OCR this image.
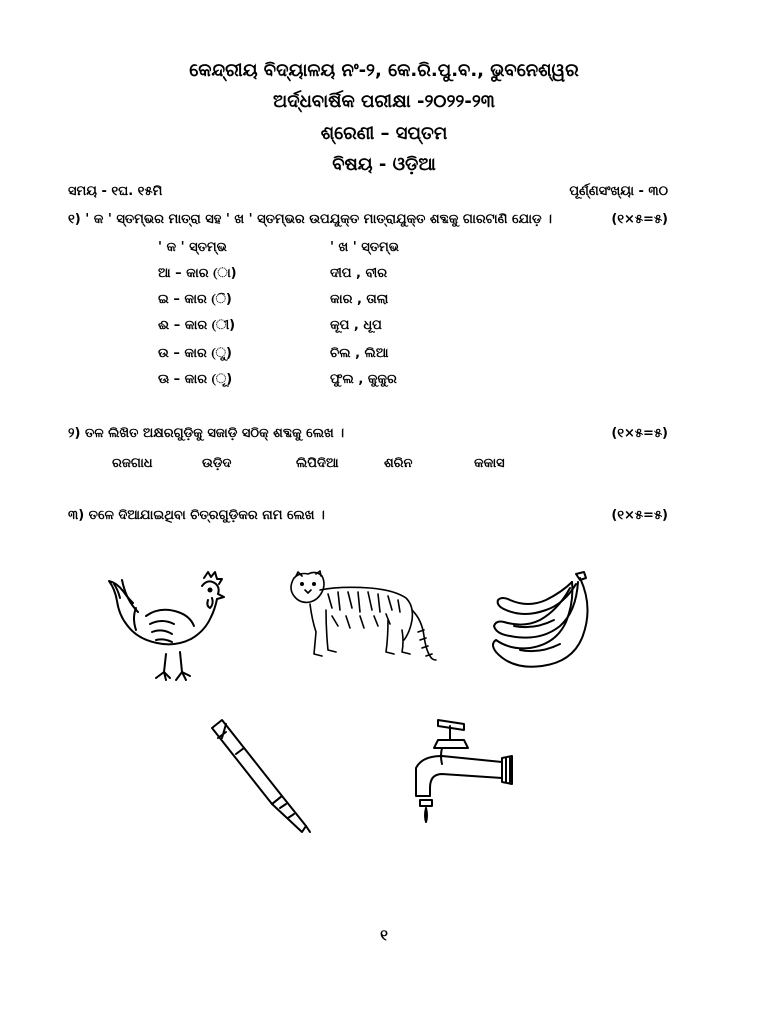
କେନ୍ଦ୍ରୀୟ ବିଦ୍ୟାଳୟ ନଂ-୨, କେ.ରି.ପୁ.ବ., ଭୁବନେଶ୍ୱର
ଅର୍ଦ୍ଧବାର୍ଷିକ ପରୀକ୍ଷା -୨୦୨୨-୨୩
ଶ୍ରେଣୀ – ସପ୍ତମ
ବିଷୟ - ଓଡ଼ିଆ
ସମୟ - ୧ଘ. ୧୫ମି	ପୂର୍ଣ୍ଣସଂଖ୍ୟା - ୩୦
୧) ' କ ' ସ୍ତମ୍ଭର ମାତ୍ରା ସହ ' ଖ ' ସ୍ତମ୍ଭର ଉପଯୁକ୍ତ ମାତ୍ରାଯୁକ୍ତ ଶବ୍ଦକୁ ଗାରଟାଣି ଯୋଡ଼ ।	(୧×୫=୫)
' କ ' ସ୍ତମ୍ଭ	' ଖ ' ସ୍ତମ୍ଭ
ଆ – କାର (ା)	ଦୀପ , ବୀର
ଇ – କାର (ି)	କାର , ତାଲା
ଈ – କାର (ୀ)	କୂପ , ଧୂପ
ଉ – କାର (ୁ)	ଚିଲ , ଲିଆ
ଊ – କାର (ୂ)	ଫୁଲ , କୁକୁର
୨) ତଳ ଲିଖିତ ଅକ୍ଷରଗୁଡ଼ିକୁ ସଜାଡ଼ି ସଠିକ୍ ଶବ୍ଦକୁ ଲେଖ ।	(୧×୫=୫)
ରଜଗାଧ	ଉଡ଼ିଦ	ଲିପିଦିଆ	ଶରିନ	କକାସ
୩) ତଳେ ଦିଆଯାଇଥିବା ଚିତ୍ରଗୁଡ଼ିକର ନାମ ଲେଖ ।	(୧×୫=୫)
୧
